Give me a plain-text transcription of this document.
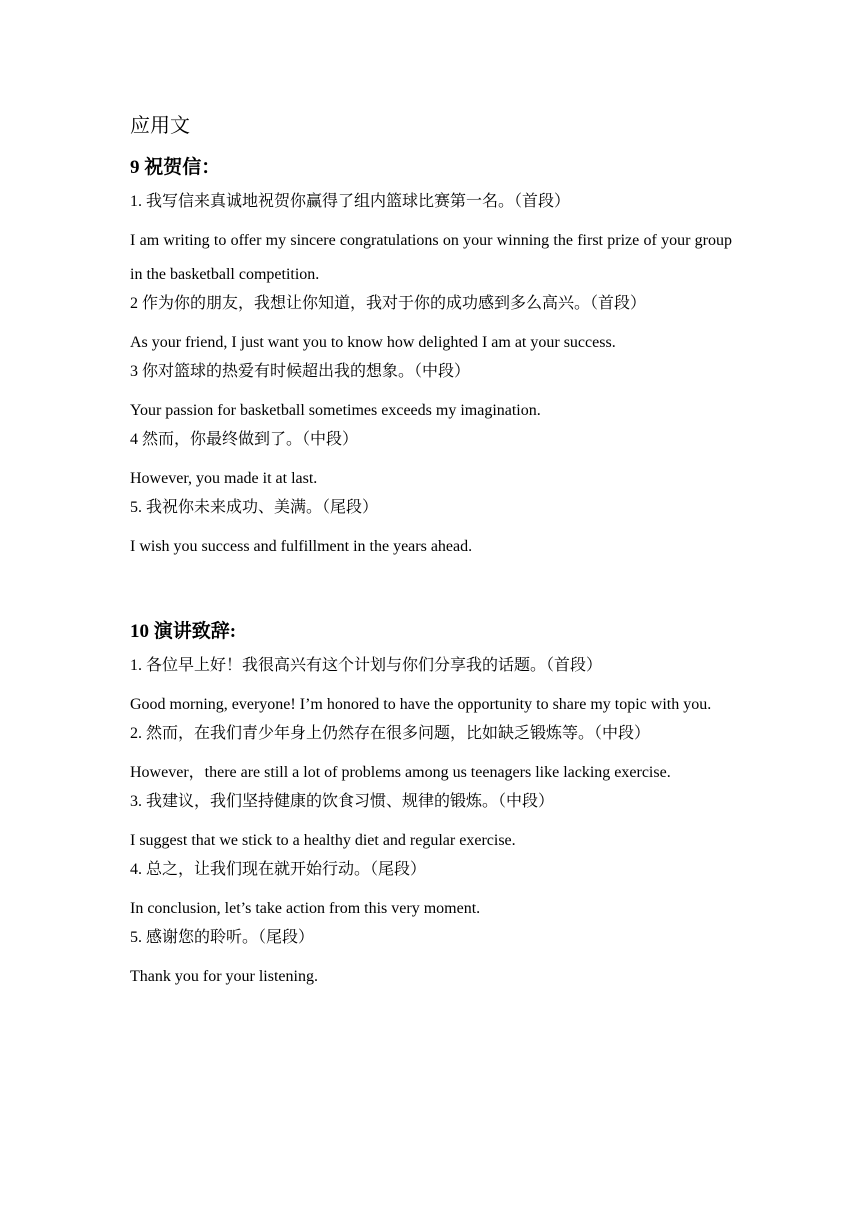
应用文
9 祝贺信：
1. 我写信来真诚地祝贺你赢得了组内篮球比赛第一名。（首段）
I am writing to offer my sincere congratulations on your winning the first prize of your group in the basketball competition.
2 作为你的朋友，我想让你知道，我对于你的成功感到多么高兴。（首段）
As your friend, I just want you to know how delighted I am at your success.
3 你对篮球的热爱有时候超出我的想象。（中段）
Your passion for basketball sometimes exceeds my imagination.
4 然而，你最终做到了。（中段）
However, you made it at last.
5. 我祝你未来成功、美满。（尾段）
I wish you success and fulfillment in the years ahead.
10 演讲致辞:
1. 各位早上好！我很高兴有这个计划与你们分享我的话题。（首段）
Good morning, everyone! I’m honored to have the opportunity to share my topic with you.
2. 然而，在我们青少年身上仍然存在很多问题，比如缺乏锻炼等。（中段）
However，there are still a lot of problems among us teenagers like lacking exercise.
3. 我建议，我们坚持健康的饮食习惯、规律的锻炼。（中段）
I suggest that we stick to a healthy diet and regular exercise.
4. 总之，让我们现在就开始行动。（尾段）
In conclusion, let’s take action from this very moment.
5. 感谢您的聆听。（尾段）
Thank you for your listening.
